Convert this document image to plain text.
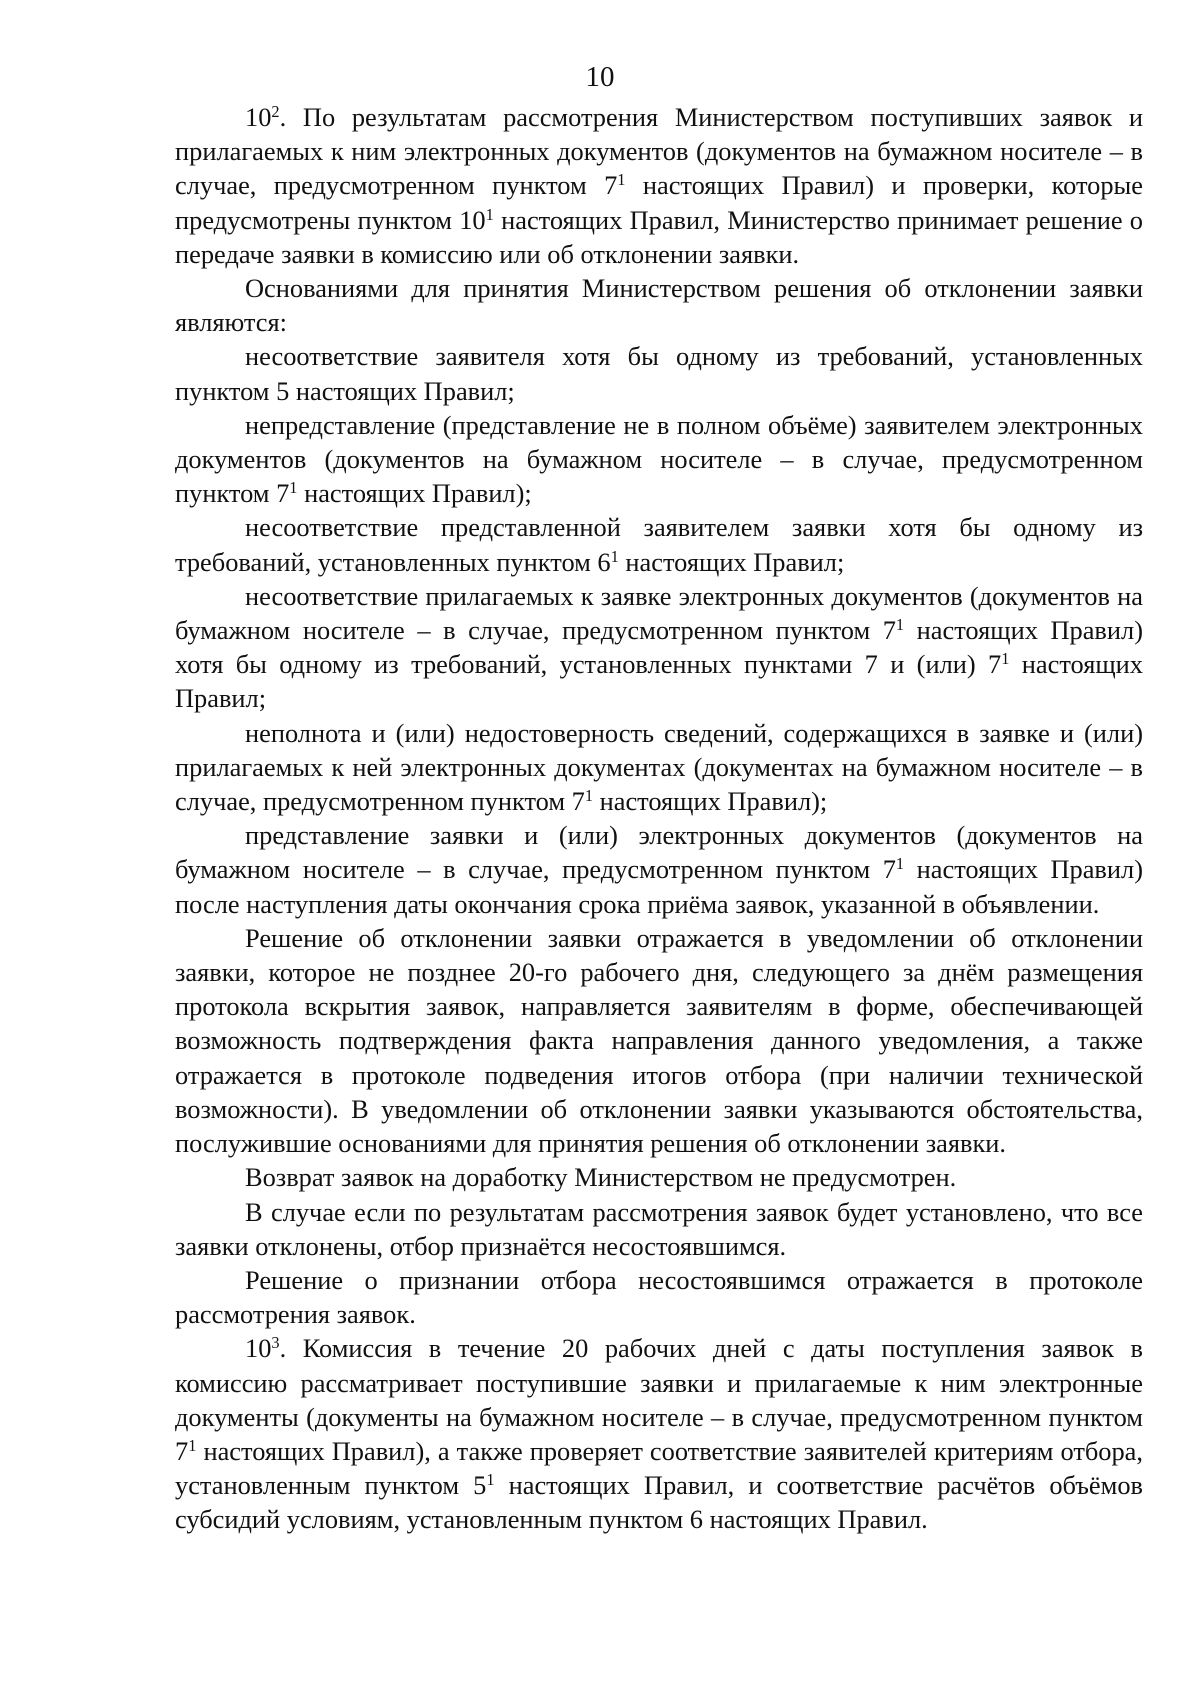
10

$10^2$. По результатам рассмотрения Министерством поступивших заявок и прилагаемых к ним электронных документов (документов на бумажном носителе – в случае, предусмотренном пунктом $7^1$ настоящих Правил) и проверки, которые предусмотрены пунктом $10^1$ настоящих Правил, Министерство принимает решение о передаче заявки в комиссию или об отклонении заявки.

Основаниями для принятия Министерством решения об отклонении заявки являются:

несоответствие заявителя хотя бы одному из требований, установленных пунктом 5 настоящих Правил;

непредставление (представление не в полном объёме) заявителем электронных документов (документов на бумажном носителе – в случае, предусмотренном пунктом $7^1$ настоящих Правил);

несоответствие представленной заявителем заявки хотя бы одному из требований, установленных пунктом $6^1$ настоящих Правил;

несоответствие прилагаемых к заявке электронных документов (документов на бумажном носителе – в случае, предусмотренном пунктом $7^1$ настоящих Правил) хотя бы одному из требований, установленных пунктами 7 и (или) $7^1$ настоящих Правил;

неполнота и (или) недостоверность сведений, содержащихся в заявке и (или) прилагаемых к ней электронных документах (документах на бумажном носителе – в случае, предусмотренном пунктом $7^1$ настоящих Правил);

представление заявки и (или) электронных документов (документов на бумажном носителе – в случае, предусмотренном пунктом $7^1$ настоящих Правил) после наступления даты окончания срока приёма заявок, указанной в объявлении.

Решение об отклонении заявки отражается в уведомлении об отклонении заявки, которое не позднее 20-го рабочего дня, следующего за днём размещения протокола вскрытия заявок, направляется заявителям в форме, обеспечивающей возможность подтверждения факта направления данного уведомления, а также отражается в протоколе подведения итогов отбора (при наличии технической возможности). В уведомлении об отклонении заявки указываются обстоятельства, послужившие основаниями для принятия решения об отклонении заявки.

Возврат заявок на доработку Министерством не предусмотрен.

В случае если по результатам рассмотрения заявок будет установлено, что все заявки отклонены, отбор признаётся несостоявшимся.

Решение о признании отбора несостоявшимся отражается в протоколе рассмотрения заявок.

$10^3$. Комиссия в течение 20 рабочих дней с даты поступления заявок в комиссию рассматривает поступившие заявки и прилагаемые к ним электронные документы (документы на бумажном носителе – в случае, предусмотренном пунктом $7^1$ настоящих Правил), а также проверяет соответствие заявителей критериям отбора, установленным пунктом $5^1$ настоящих Правил, и соответствие расчётов объёмов субсидий условиям, установленным пунктом 6 настоящих Правил.
